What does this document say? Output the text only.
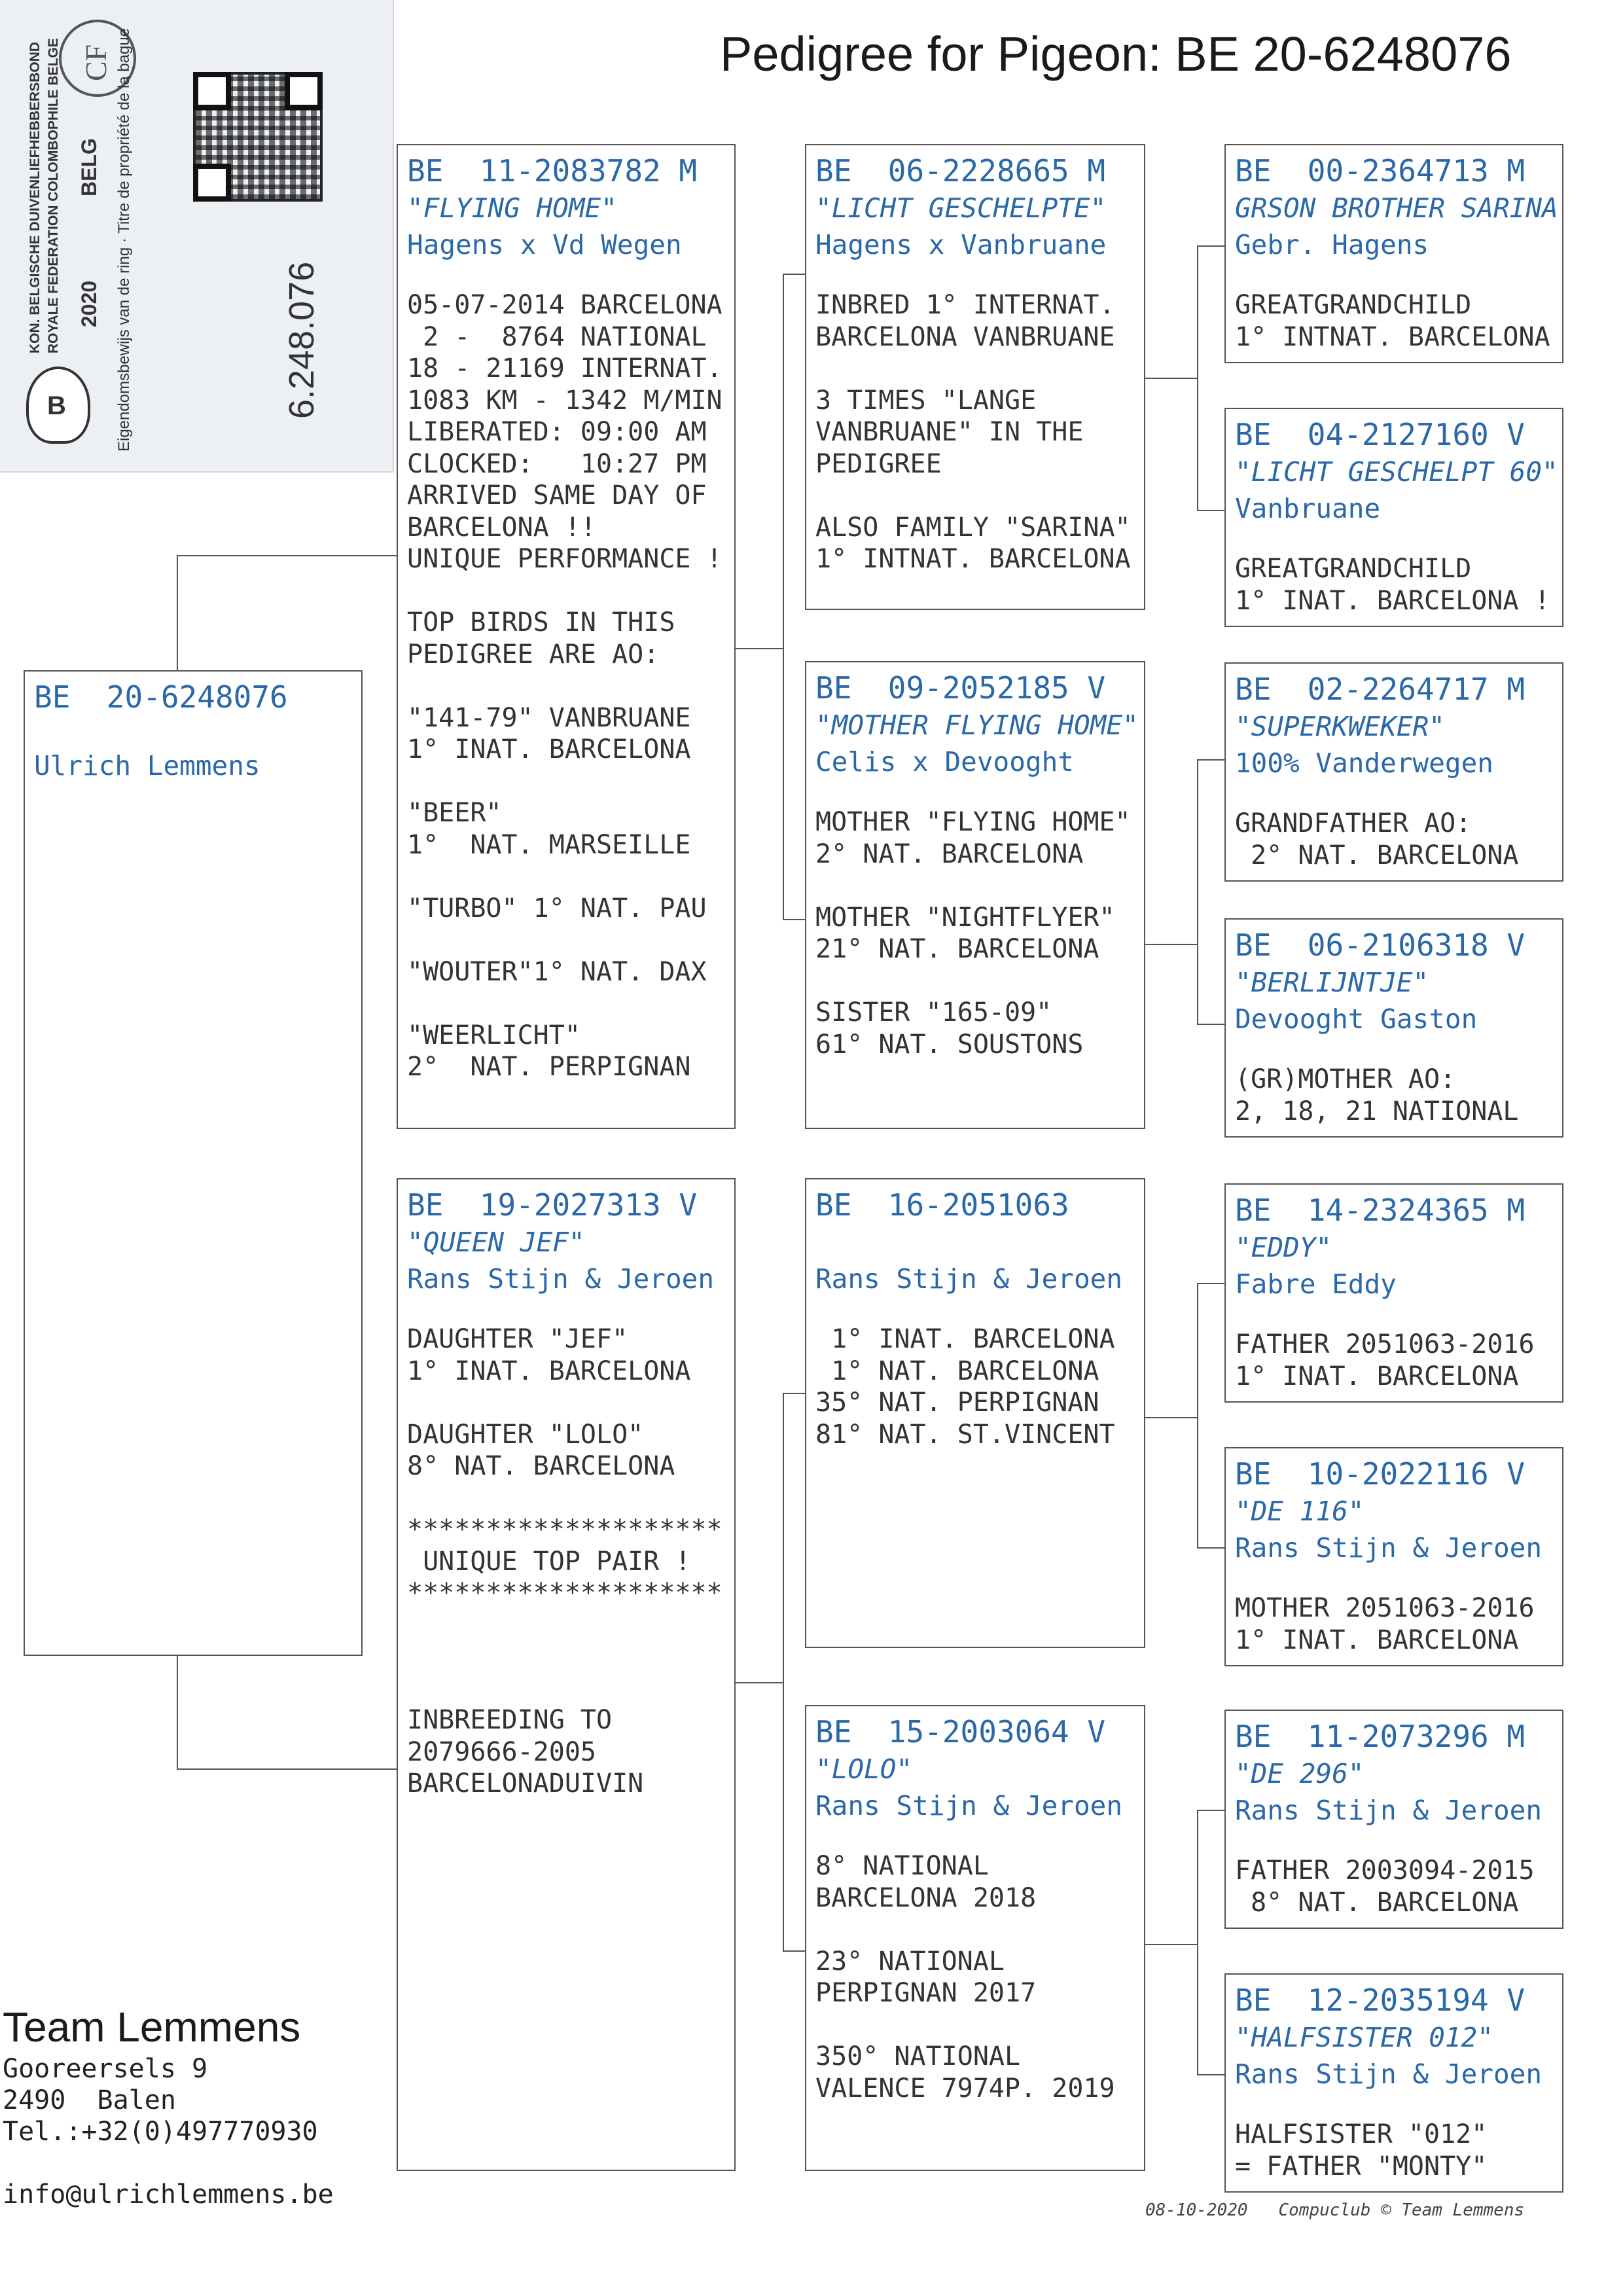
B
CF
KON. BELGISCHE DUIVENLIEFHEBBERSBOND ROYALE FEDERATION COLOMBOPHILE BELGE 2020
BELG Eigendomsbewijs van de ring · Titre de propriété de la bague	6.248.076
Pedigree for Pigeon: BE 20-6248076
BE  20-6248076
Ulrich Lemmens
BE  11-2083782 M
"FLYING HOME"
Hagens x Vd Wegen
05-07-2014 BARCELONA
2 -  8764 NATIONAL
18 - 21169 INTERNAT.
1083 KM - 1342 M/MIN
LIBERATED: 09:00 AM
CLOCKED:   10:27 PM
ARRIVED SAME DAY OF
BARCELONA !!
UNIQUE PERFORMANCE !

TOP BIRDS IN THIS
PEDIGREE ARE AO:

"141-79" VANBRUANE
1° INAT. BARCELONA

"BEER"
1°  NAT. MARSEILLE

"TURBO" 1° NAT. PAU

"WOUTER"1° NAT. DAX

"WEERLICHT"
2°  NAT. PERPIGNAN
BE  19-2027313 V
"QUEEN JEF"
Rans Stijn & Jeroen
DAUGHTER "JEF"
1° INAT. BARCELONA

DAUGHTER "LOLO"
8° NAT. BARCELONA

********************
UNIQUE TOP PAIR !
********************

INBREEDING TO
2079666-2005
BARCELONADUIVIN
BE  06-2228665 M
"LICHT GESCHELPTE"
Hagens x Vanbruane
INBRED 1° INTERNAT.
BARCELONA VANBRUANE

3 TIMES "LANGE
VANBRUANE" IN THE
PEDIGREE

ALSO FAMILY "SARINA"
1° INTNAT. BARCELONA
BE  09-2052185 V
"MOTHER FLYING HOME"
Celis x Devooght
MOTHER "FLYING HOME"
2° NAT. BARCELONA

MOTHER "NIGHTFLYER"
21° NAT. BARCELONA

SISTER "165-09"
61° NAT. SOUSTONS
BE  16-2051063
Rans Stijn & Jeroen
1° INAT. BARCELONA
1° NAT. BARCELONA
35° NAT. PERPIGNAN
81° NAT. ST.VINCENT
BE  15-2003064 V
"LOLO"
Rans Stijn & Jeroen
8° NATIONAL
BARCELONA 2018

23° NATIONAL
PERPIGNAN 2017

350° NATIONAL
VALENCE 7974P. 2019
BE  00-2364713 M
GRSON BROTHER SARINA
Gebr. Hagens
GREATGRANDCHILD
1° INTNAT. BARCELONA
BE  04-2127160 V
"LICHT GESCHELPT 60"
Vanbruane
GREATGRANDCHILD
1° INAT. BARCELONA !
BE  02-2264717 M
"SUPERKWEKER"
100% Vanderwegen
GRANDFATHER AO:
2° NAT. BARCELONA
BE  06-2106318 V
"BERLIJNTJE"
Devooght Gaston
(GR)MOTHER AO:
2, 18, 21 NATIONAL
BE  14-2324365 M
"EDDY"
Fabre Eddy
FATHER 2051063-2016
1° INAT. BARCELONA
BE  10-2022116 V
"DE 116"
Rans Stijn & Jeroen
MOTHER 2051063-2016
1° INAT. BARCELONA
BE  11-2073296 M
"DE 296"
Rans Stijn & Jeroen
FATHER 2003094-2015
8° NAT. BARCELONA
BE  12-2035194 V
"HALFSISTER 012"
Rans Stijn & Jeroen
HALFSISTER "012"
= FATHER "MONTY"
Team Lemmens
Gooreersels 9
2490  Balen
Tel.:+32(0)497770930
info@ulrichlemmens.be
08-10-2020   Compuclub © Team Lemmens
